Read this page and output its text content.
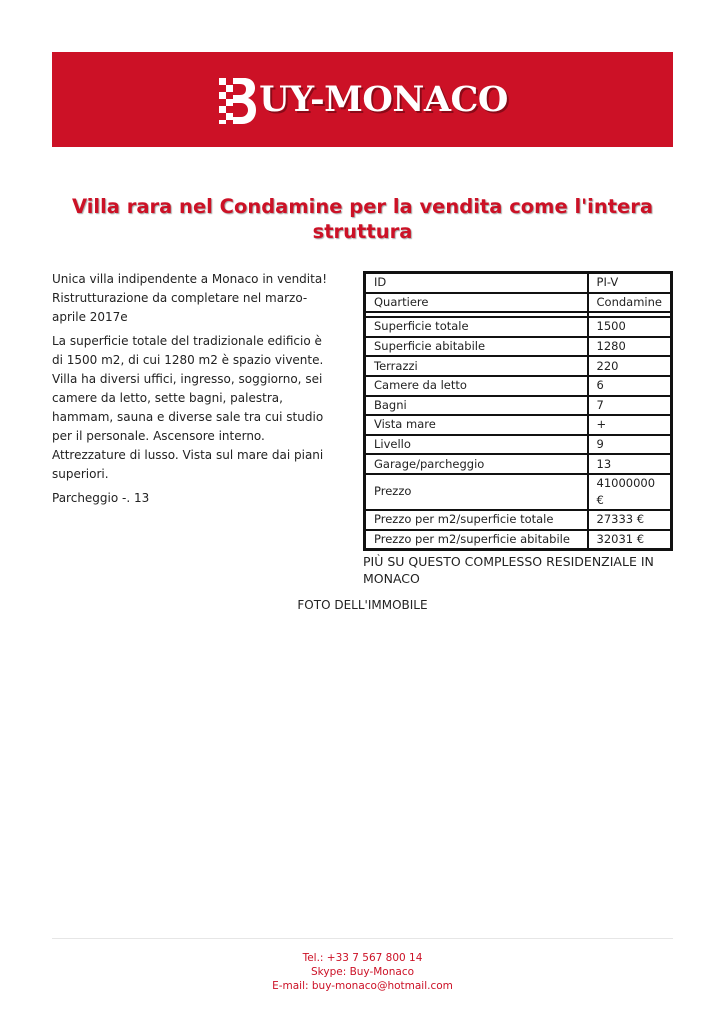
UY-MONACO
Villa rara nel Condamine per la vendita come l'intera struttura

Unica villa indipendente a Monaco in vendita! Ristrutturazione da completare nel marzo-aprile 2017e

La superficie totale del tradizionale edificio è di 1500 m2, di cui 1280 m2 è spazio vivente. Villa ha diversi uffici, ingresso, soggiorno, sei camere da letto, sette bagni, palestra, hammam, sauna e diverse sale tra cui studio per il personale. Ascensore interno. Attrezzature di lusso. Vista sul mare dai piani superiori.

Parcheggio -. 13

ID	PI-V
Quartiere	Condamine

Superficie totale	1500
Superficie abitabile	1280
Terrazzi	220
Camere da letto	6
Bagni	7
Vista mare	+
Livello	9
Garage/parcheggio	13
Prezzo	41000000 €
Prezzo per m2/superficie totale	27333 €
Prezzo per m2/superficie abitabile	32031 €

PIÙ SU QUESTO COMPLESSO RESIDENZIALE IN MONACO

FOTO DELL'IMMOBILE

Tel.: +33 7 567 800 14
Skype: Buy-Monaco
E-mail: buy-monaco@hotmail.com
